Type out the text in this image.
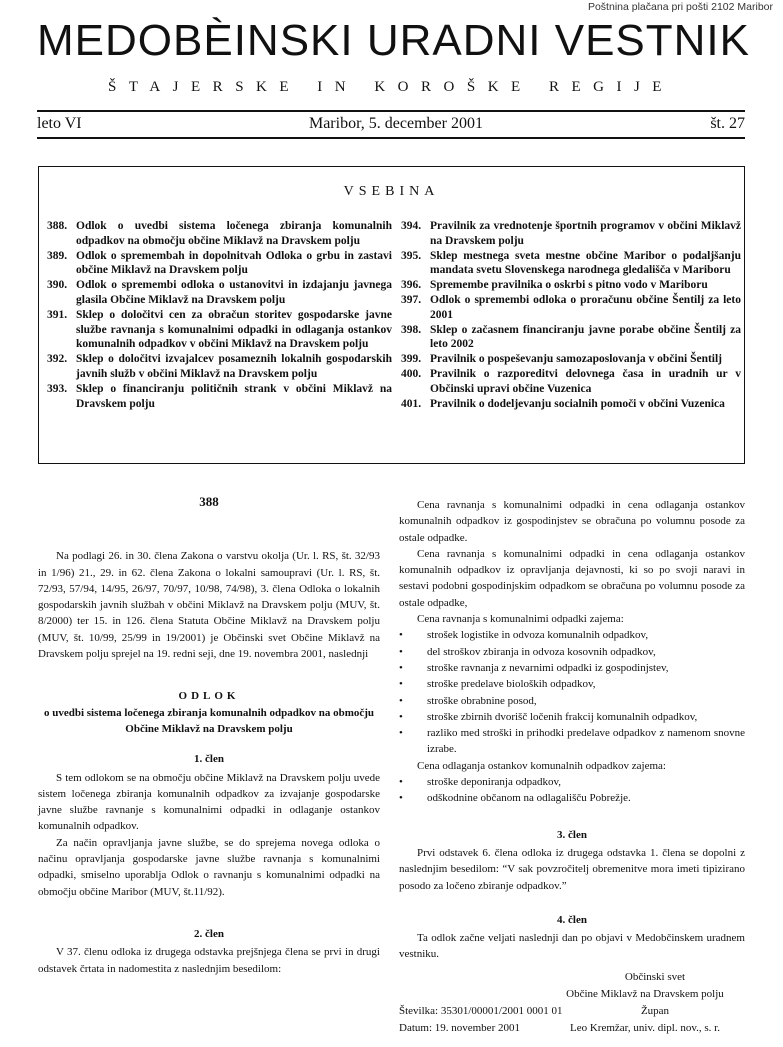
Poštnina plačana pri pošti 2102 Maribor
MEDOBÈINSKI URADNI VESTNIK
ŠTAJERSKE IN KOROŠKE REGIJE
leto VI	Maribor, 5. december 2001	št. 27
VSEBINA
388. Odlok o uvedbi sistema ločenega zbiranja komunalnih odpadkov na območju občine Miklavž na Dravskem polju
389. Odlok o spremembah in dopolnitvah Odloka o grbu in zastavi občine Miklavž na Dravskem polju
390. Odlok o spremembi odloka o ustanovitvi in izdajanju javnega glasila Občine Miklavž na Dravskem polju
391. Sklep o določitvi cen za obračun storitev gospodarske javne službe ravnanja s komunalnimi odpadki in odlaganja ostankov komunalnih odpadkov v občini Miklavž na Dravskem polju
392. Sklep o določitvi izvajalcev posameznih lokalnih gospodarskih javnih služb v občini Miklavž na Dravskem polju
393. Sklep o financiranju političnih strank v občini Miklavž na Dravskem polju
394. Pravilnik za vrednotenje športnih programov v občini Miklavž na Dravskem polju
395. Sklep mestnega sveta mestne občine Maribor o podaljšanju mandata svetu Slovenskega narodnega gledališča v Mariboru
396. Spremembe pravilnika o oskrbi s pitno vodo v Mariboru
397. Odlok o spremembi odloka o proračunu občine Šentilj za leto 2001
398. Sklep o začasnem financiranju javne porabe občine Šentilj za leto 2002
399. Pravilnik o pospeševanju samozaposlovanja v občini Šentilj
400. Pravilnik o razporeditvi delovnega časa in uradnih ur v Občinski upravi občine Vuzenica
401. Pravilnik o dodeljevanju socialnih pomoči v občini Vuzenica
388

Na podlagi 26. in 30. člena Zakona o varstvu okolja (Ur. l. RS, št. 32/93 in 1/96) 21., 29. in 62. člena Zakona o lokalni samoupravi (Ur. l. RS, št. 72/93, 57/94, 14/95, 26/97, 70/97, 10/98, 74/98), 3. člena Odloka o lokalnih gospodarskih javnih službah v občini Miklavž na Dravskem polju (MUV, št. 8/2000) ter 15. in 126. člena Statuta Občine Miklavž na Dravskem polju (MUV, št. 10/99, 25/99 in 19/2001) je Občinski svet Občine Miklavž na Dravskem polju sprejel na 19. redni seji, dne 19. novembra 2001, naslednji

ODLOK
o uvedbi sistema ločenega zbiranja komunalnih odpadkov na območju Občine Miklavž na Dravskem polju
1. člen

S tem odlokom se na območju občine Miklavž na Dravskem polju uvede sistem ločenega zbiranja komunalnih odpadkov za izvajanje gospodarske javne službe ravnanje s komunalnimi odpadki in odlaganje ostankov komunalnih odpadkov.

Za način opravljanja javne službe, se do sprejema novega odloka o načinu opravljanja gospodarske javne službe ravnanja s komunalnimi odpadki, smiselno uporablja Odlok o ravnanju s komunalnimi odpadki na območju občine Maribor (MUV, št.11/92).

2. člen

V 37. členu odloka iz drugega odstavka prejšnjega člena se prvi in drugi odstavek črtata in nadomestita z naslednjim besedilom:

Cena ravnanja s komunalnimi odpadki in cena odlaganja ostankov komunalnih odpadkov iz gospodinjstev se obračuna po volumnu posode za ostale odpadke.

Cena ravnanja s komunalnimi odpadki in cena odlaganja ostankov komunalnih odpadkov iz opravljanja dejavnosti, ki so po svoji naravi in sestavi podobni gospodinjskim odpadkom se obračuna po volumnu posode za ostale odpadke,

Cena ravnanja s komunalnimi odpadki zajema:

• strošek logistike in odvoza komunalnih odpadkov,
• del stroškov zbiranja in odvoza kosovnih odpadkov,
• stroške ravnanja z nevarnimi odpadki iz gospodinjstev,
• stroške predelave bioloških odpadkov,
• stroške obrabnine posod,
• stroške zbirnih dvorišč ločenih frakcij komunalnih odpadkov,
• razliko med stroški in prihodki predelave odpadkov z namenom snovne izrabe.

Cena odlaganja ostankov komunalnih odpadkov zajema:

• stroške deponiranja odpadkov,
• odškodnine občanom na odlagališču Pobrežje.
3. člen

Prvi odstavek 6. člena odloka iz drugega odstavka 1. člena se dopolni z naslednjim besedilom: “V sak povzročitelj obremenitve mora imeti tipizirano posodo za ločeno zbiranje odpadkov.”

4. člen

Ta odlok začne veljati naslednji dan po objavi v Medobčinskem uradnem vestniku.

Občinski svet
Občine Miklavž na Dravskem polju
Župan
Številka: 35301/00001/2001 0001 01
Leo Kremžar, univ. dipl. nov., s. r.
Datum: 19. november 2001
